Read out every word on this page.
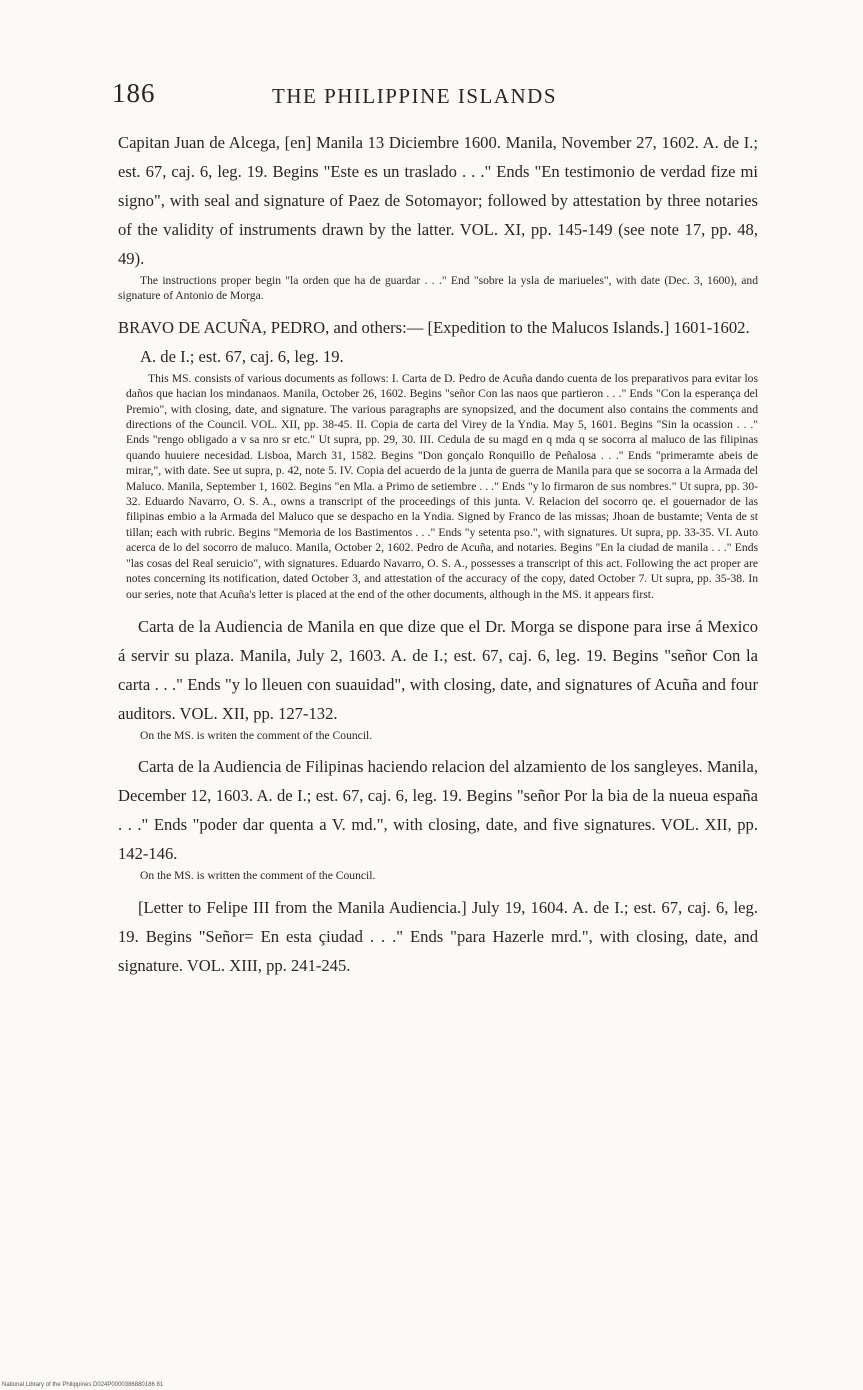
186	THE PHILIPPINE ISLANDS

Capitan Juan de Alcega, [en] Manila 13 Diciembre 1600. Manila, November 27, 1602. A. de I.; est. 67, caj. 6, leg. 19. Begins "Este es un traslado . . ." Ends "En testimonio de verdad fize mi signo", with seal and signature of Paez de Sotomayor; followed by attestation by three notaries of the validity of instruments drawn by the latter. VOL. XI, pp. 145-149 (see note 17, pp. 48, 49).

The instructions proper begin "la orden que ha de guardar . . ." End "sobre la ysla de mariueles", with date (Dec. 3, 1600), and signature of Antonio de Morga.

BRAVO DE ACUÑA, PEDRO, and others:— [Expedition to the Malucos Islands.] 1601-1602. A. de I.; est. 67, caj. 6, leg. 19.

This MS. consists of various documents as follows: I. Carta de D. Pedro de Acuña dando cuenta de los preparativos para evitar los daños que hacian los mindanaos. Manila, October 26, 1602. Begins "señor Con las naos que partieron . . ." Ends "Con la esperança del Premio", with closing, date, and signature. The various paragraphs are synopsized, and the document also contains the comments and directions of the Council. VOL. XII, pp. 38-45. II. Copia de carta del Virey de la Yndia. May 5, 1601. Begins "Sin la ocassion . . ." Ends "rengo obligado a v sa nro sr etc." Ut supra, pp. 29, 30. III. Cedula de su magd en q mda q se socorra al maluco de las filipinas quando huuiere necesidad. Lisboa, March 31, 1582. Begins "Don gonçalo Ronquillo de Peñalosa . . ." Ends "primeramte abeis de mirar,", with date. See ut supra, p. 42, note 5. IV. Copia del acuerdo de la junta de guerra de Manila para que se socorra a la Armada del Maluco. Manila, September 1, 1602. Begins "en Mla. a Primo de setiembre . . ." Ends "y lo firmaron de sus nombres." Ut supra, pp. 30-32. Eduardo Navarro, O. S. A., owns a transcript of the proceedings of this junta. V. Relacion del socorro qe. el gouernador de las filipinas embio a la Armada del Maluco que se despacho en la Yndia. Signed by Franco de las missas; Jhoan de bustamte; Venta de st tillan; each with rubric. Begins "Memoria de los Bastimentos . . ." Ends "y setenta pso.", with signatures. Ut supra, pp. 33-35. VI. Auto acerca de lo del socorro de maluco. Manila, October 2, 1602. Pedro de Acuña, and notaries. Begins "En la ciudad de manila . . ." Ends "las cosas del Real seruicio", with signatures. Eduardo Navarro, O. S. A., possesses a transcript of this act. Following the act proper are notes concerning its notification, dated October 3, and attestation of the accuracy of the copy, dated October 7. Ut supra, pp. 35-38. In our series, note that Acuña's letter is placed at the end of the other documents, although in the MS. it appears first.

Carta de la Audiencia de Manila en que dize que el Dr. Morga se dispone para irse á Mexico á servir su plaza. Manila, July 2, 1603. A. de I.; est. 67, caj. 6, leg. 19. Begins "señor Con la carta . . ." Ends "y lo lleuen con suauidad", with closing, date, and signatures of Acuña and four auditors. VOL. XII, pp. 127-132.

On the MS. is writen the comment of the Council.

Carta de la Audiencia de Filipinas haciendo relacion del alzamiento de los sangleyes. Manila, December 12, 1603. A. de I.; est. 67, caj. 6, leg. 19. Begins "señor Por la bia de la nueua españa . . ." Ends "poder dar quenta a V. md.", with closing, date, and five signatures. VOL. XII, pp. 142-146.

On the MS. is written the comment of the Council.

[Letter to Felipe III from the Manila Audiencia.] July 19, 1604. A. de I.; est. 67, caj. 6, leg. 19. Begins "Señor= En esta çiudad . . ." Ends "para Hazerle mrd.", with closing, date, and signature. VOL. XIII, pp. 241-245.

National Library of the Philippines D024P0000386880186 81
